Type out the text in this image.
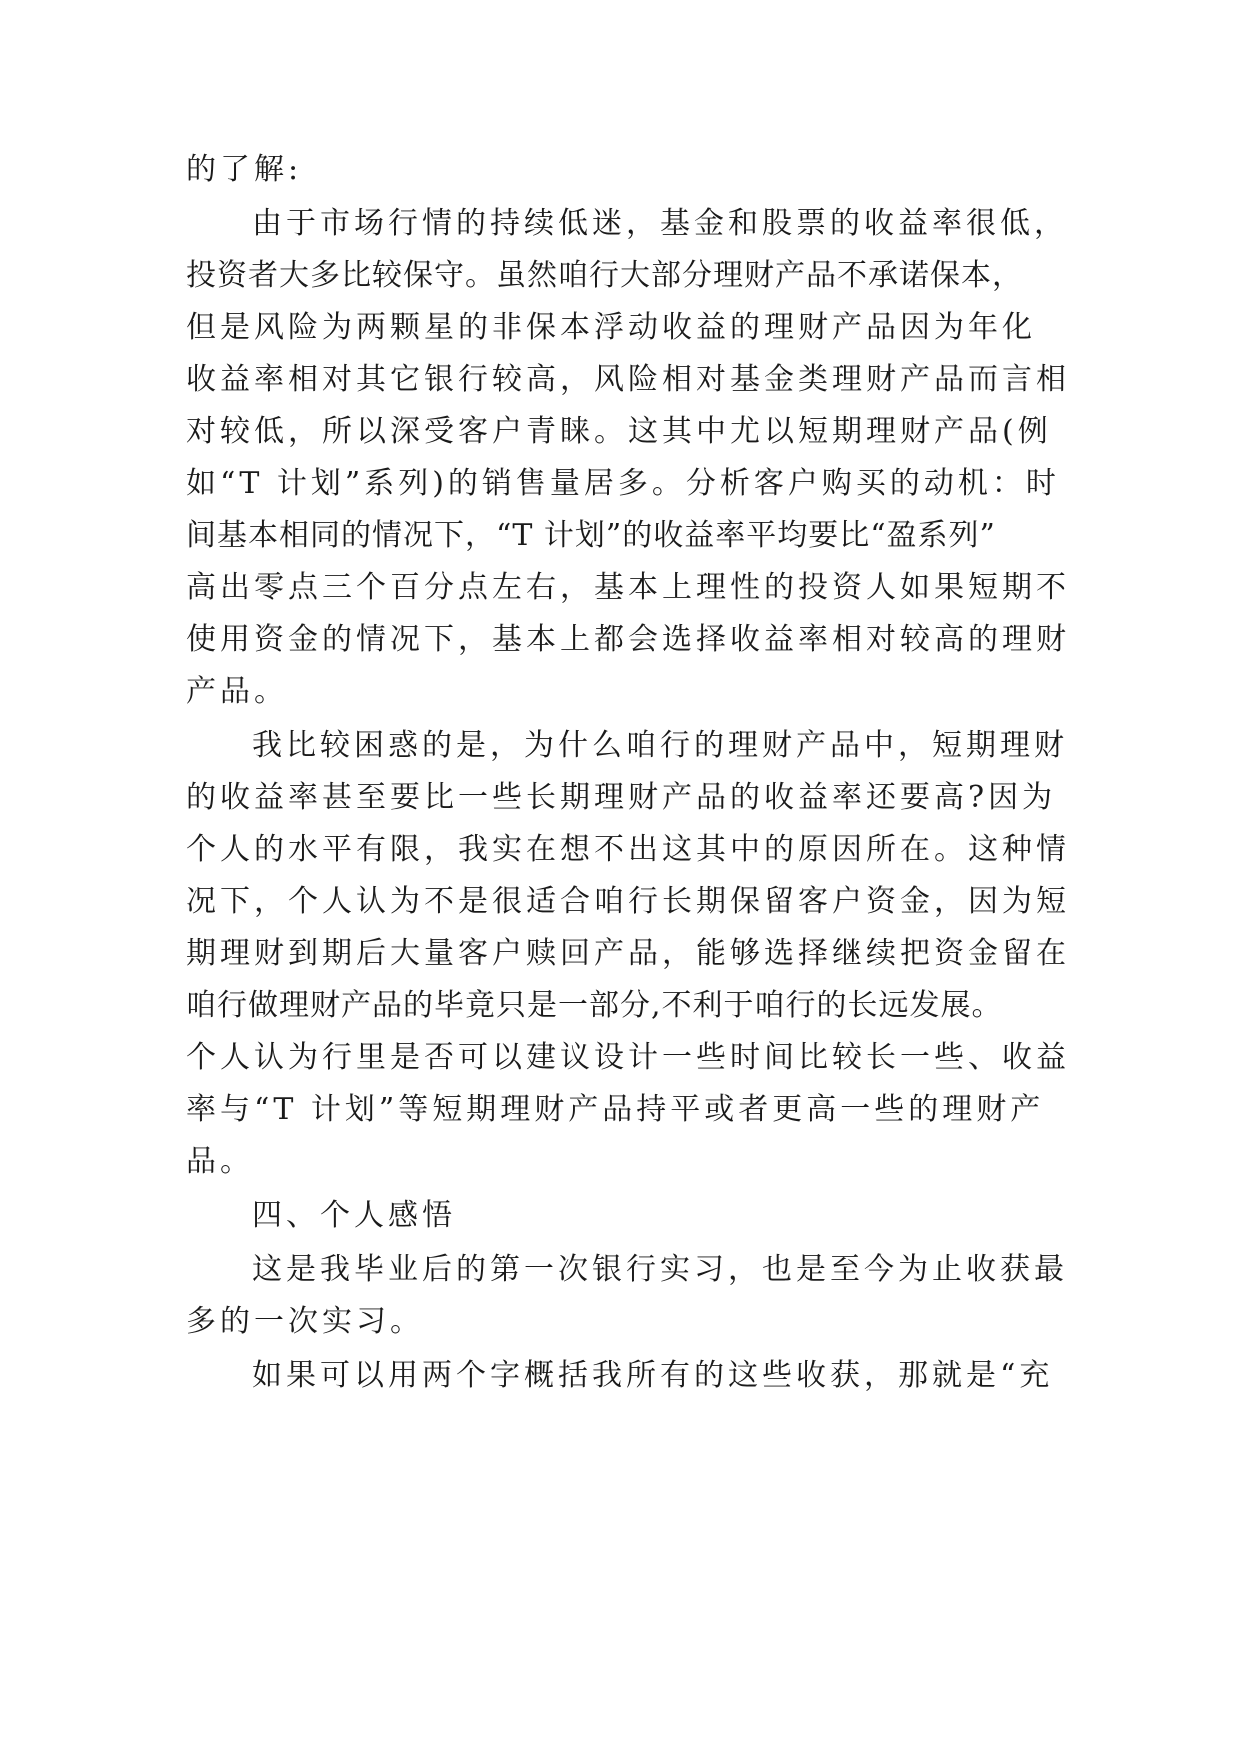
的了解:
由于市场行情的持续低迷，基金和股票的收益率很低，
投资者大多比较保守。虽然咱行大部分理财产品不承诺保本，
但是风险为两颗星的非保本浮动收益的理财产品因为年化
收益率相对其它银行较高，风险相对基金类理财产品而言相
对较低，所以深受客户青睐。这其中尤以短期理财产品(例
如“T 计划”系列)的销售量居多。分析客户购买的动机：时
间基本相同的情况下，“T 计划”的收益率平均要比“盈系列”
高出零点三个百分点左右，基本上理性的投资人如果短期不
使用资金的情况下，基本上都会选择收益率相对较高的理财
产品。
我比较困惑的是，为什么咱行的理财产品中，短期理财
的收益率甚至要比一些长期理财产品的收益率还要高?因为
个人的水平有限，我实在想不出这其中的原因所在。这种情
况下，个人认为不是很适合咱行长期保留客户资金，因为短
期理财到期后大量客户赎回产品，能够选择继续把资金留在
咱行做理财产品的毕竟只是一部分,不利于咱行的长远发展。
个人认为行里是否可以建议设计一些时间比较长一些、收益
率与“T 计划”等短期理财产品持平或者更高一些的理财产
品。
四、个人感悟
这是我毕业后的第一次银行实习，也是至今为止收获最
多的一次实习。
如果可以用两个字概括我所有的这些收获，那就是“充
